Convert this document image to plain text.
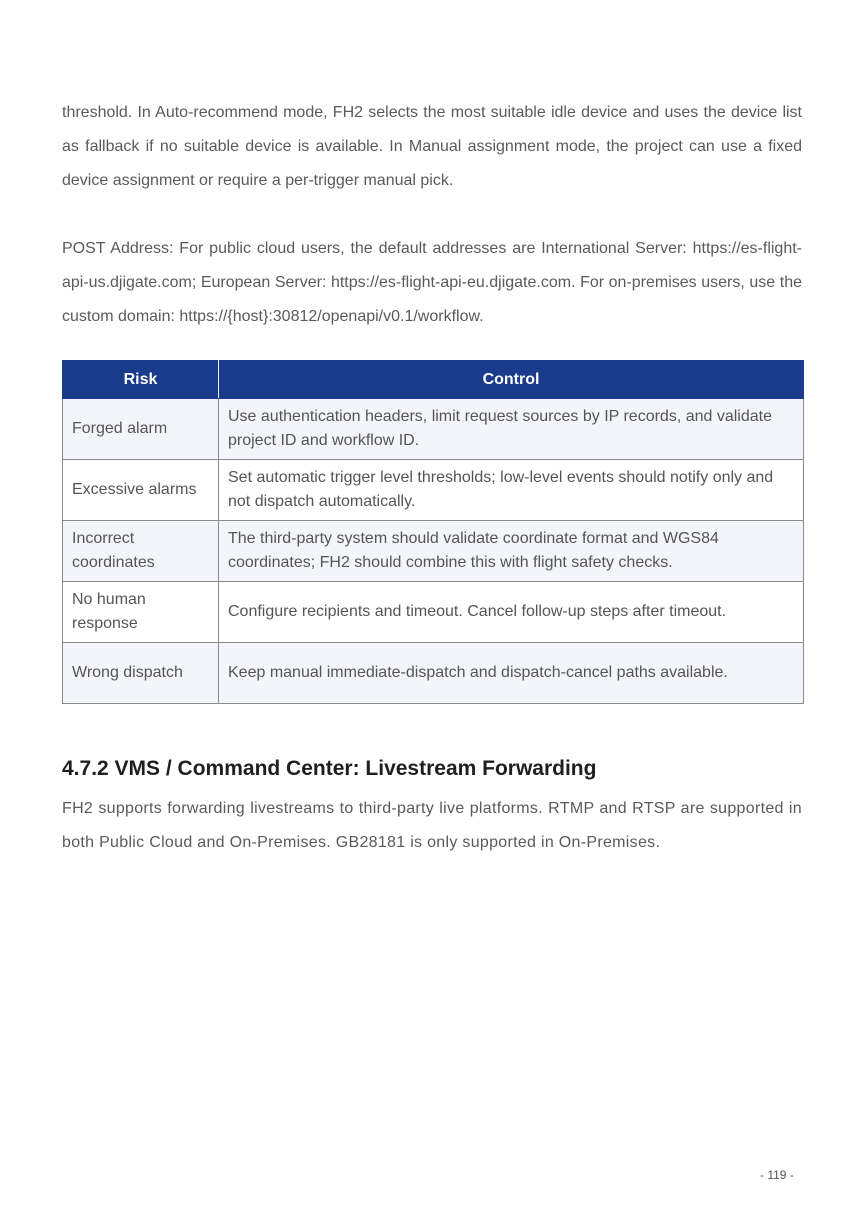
threshold. In Auto-recommend mode, FH2 selects the most suitable idle device and uses the device list as fallback if no suitable device is available. In Manual assignment mode, the project can use a fixed device assignment or require a per-trigger manual pick.

POST Address: For public cloud users, the default addresses are International Server: https://es-flight-api-us.djigate.com; European Server: https://es-flight-api-eu.djigate.com. For on-premises users, use the custom domain: https://{host}:30812/openapi/v0.1/workflow.

Risk	Control
Forged alarm	Use authentication headers, limit request sources by IP records, and validate project ID and workflow ID.
Excessive alarms	Set automatic trigger level thresholds; low-level events should notify only and not dispatch automatically.
Incorrect coordinates	The third-party system should validate coordinate format and WGS84 coordinates; FH2 should combine this with flight safety checks.
No human response	Configure recipients and timeout. Cancel follow-up steps after timeout.
Wrong dispatch	Keep manual immediate-dispatch and dispatch-cancel paths available.
4.7.2 VMS / Command Center: Livestream Forwarding

FH2 supports forwarding livestreams to third-party live platforms. RTMP and RTSP are supported in both Public Cloud and On-Premises. GB28181 is only supported in On-Premises.

- 119 -
